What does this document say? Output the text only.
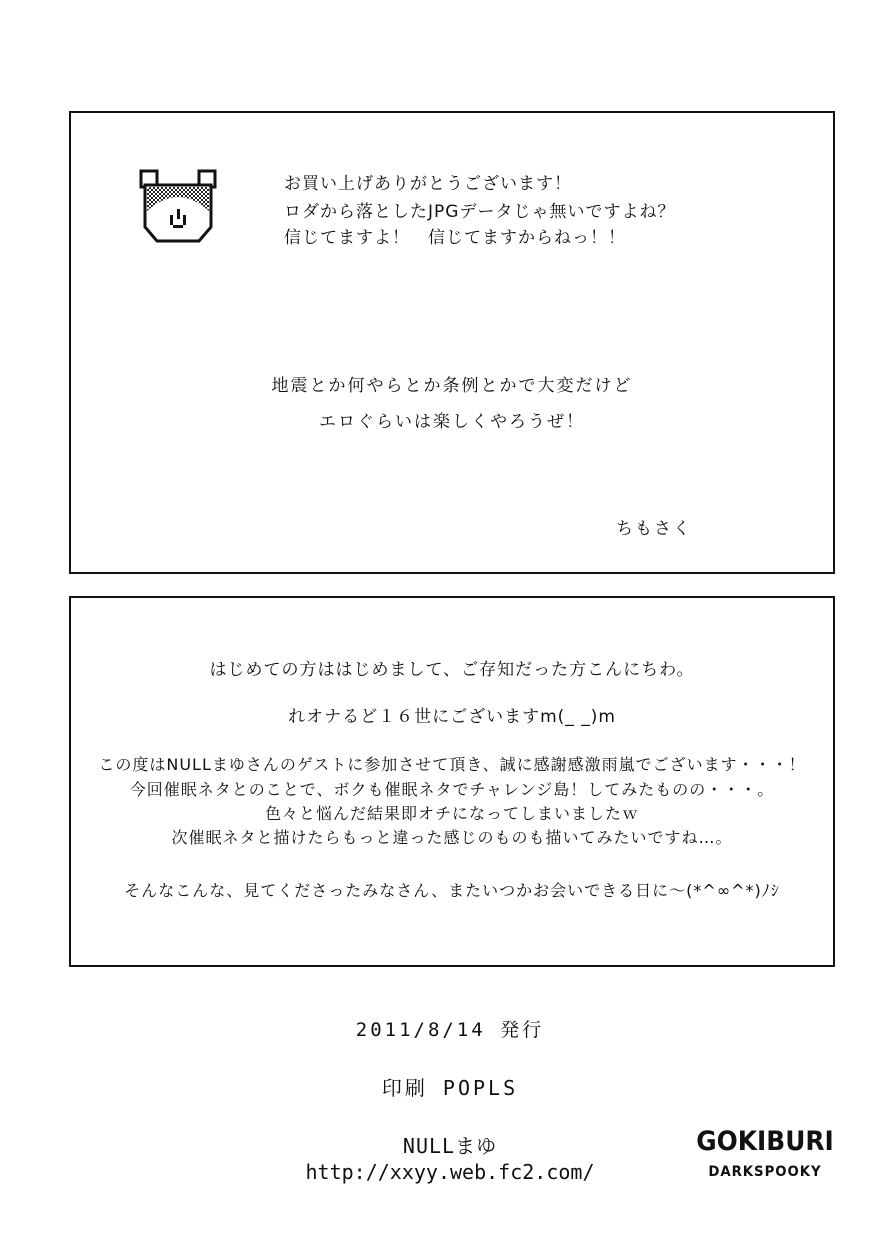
お買い上げありがとうございます！
ロダから落としたJPGデータじゃ無いですよね？
信じてますよ！　信じてますからねっ！！
地震とか何やらとか条例とかで大変だけど
エロぐらいは楽しくやろうぜ！
ちもさく
はじめての方ははじめまして、ご存知だった方こんにちわ。
れオナるど１６世にございますm(_ _)m
この度はNULLまゆさんのゲストに参加させて頂き、誠に感謝感激雨嵐でございます・・・！
今回催眠ネタとのことで、ボクも催眠ネタでチャレンジ島！してみたものの・・・。
色々と悩んだ結果即オチになってしまいましたｗ
次催眠ネタと描けたらもっと違った感じのものも描いてみたいですね…。
そんなこんな、見てくださったみなさん、またいつかお会いできる日に～(*^∞^*)ﾉｼ
2011/8/14 発行
印刷 POPLS
NULLまゆ
http://xxyy.web.fc2.com/
GOKIBURI
DARKSPOOKY
